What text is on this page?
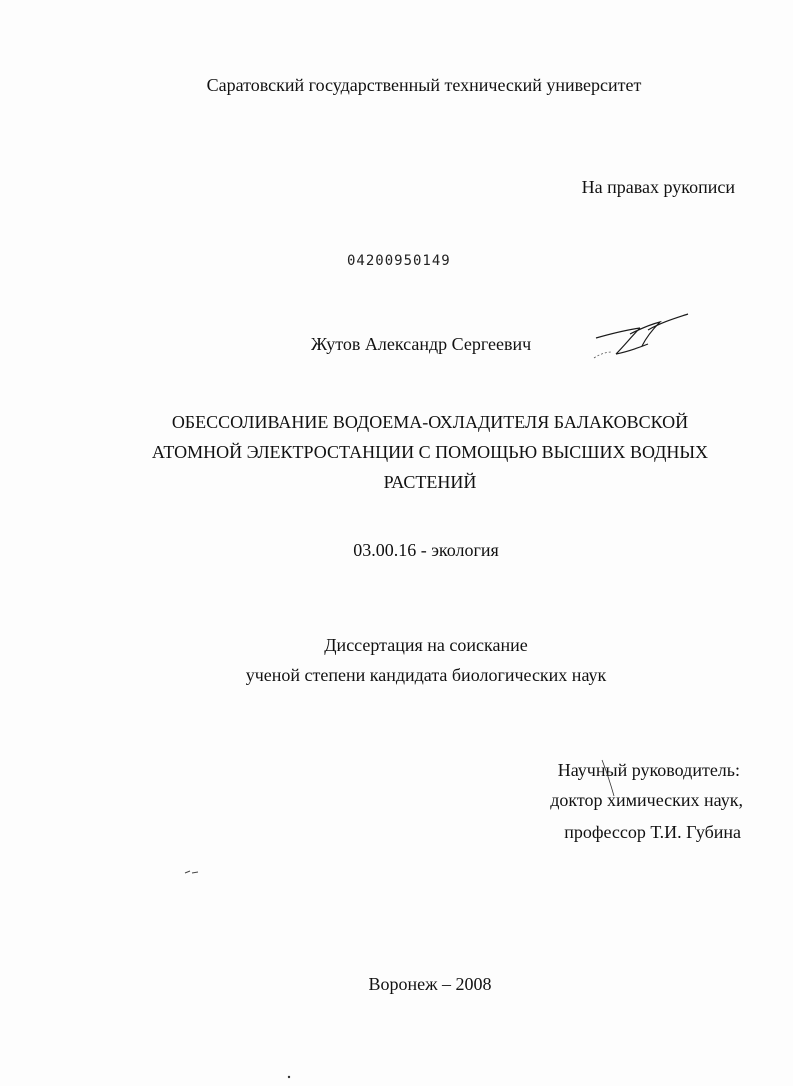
Саратовский государственный технический университет
На правах рукописи
04200950149
Жутов Александр Сергеевич
ОБЕССОЛИВАНИЕ ВОДОЕМА-ОХЛАДИТЕЛЯ БАЛАКОВСКОЙ
АТОМНОЙ ЭЛЕКТРОСТАНЦИИ С ПОМОЩЬЮ ВЫСШИХ ВОДНЫХ
РАСТЕНИЙ
03.00.16 - экология
Диссертация на соискание
ученой степени кандидата биологических наук
Научный руководитель:
доктор химических наук,
профессор Т.И. Губина
Воронеж – 2008
